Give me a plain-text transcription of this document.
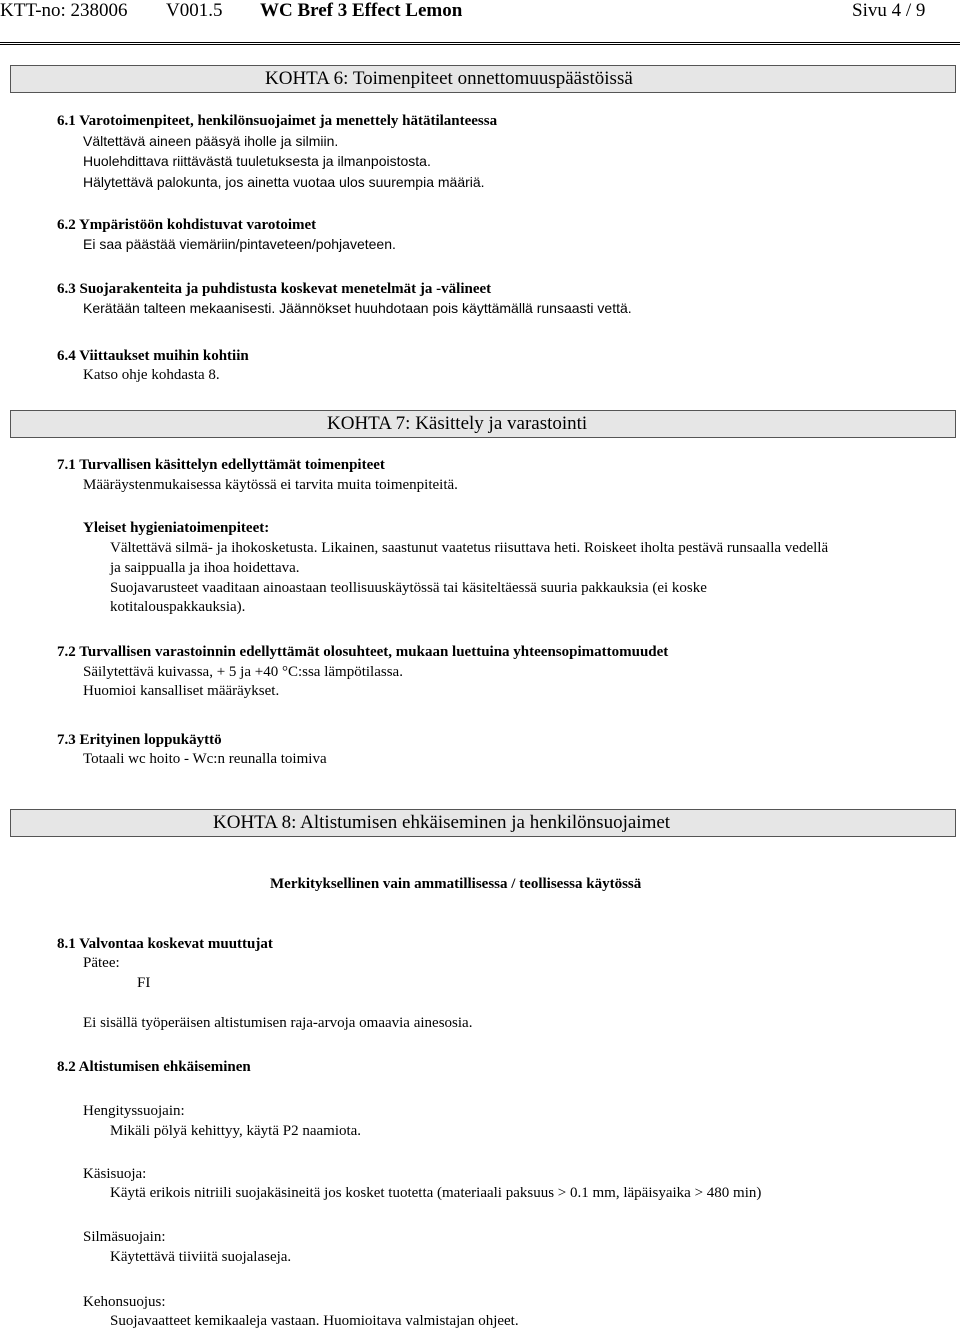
KTT-no: 238006 V001.5 WC Bref 3 Effect Lemon	Sivu 4 / 9
KOHTA 6: Toimenpiteet onnettomuuspäästöissä
6.1 Varotoimenpiteet, henkilönsuojaimet ja menettely hätätilanteessa
Vältettävä aineen pääsyä iholle ja silmiin.
Huolehdittava riittävästä tuuletuksesta ja ilmanpoistosta.
Hälytettävä palokunta, jos ainetta vuotaa ulos suurempia määriä.
6.2 Ympäristöön kohdistuvat varotoimet
Ei saa päästää viemäriin/pintaveteen/pohjaveteen.
6.3 Suojarakenteita ja puhdistusta koskevat menetelmät ja -välineet
Kerätään talteen mekaanisesti. Jäännökset huuhdotaan pois käyttämällä runsaasti vettä.
6.4 Viittaukset muihin kohtiin
Katso ohje kohdasta 8.
KOHTA 7: Käsittely ja varastointi
7.1 Turvallisen käsittelyn edellyttämät toimenpiteet
Määräystenmukaisessa käytössä ei tarvita muita toimenpiteitä.
Yleiset hygieniatoimenpiteet:
Vältettävä silmä- ja ihokosketusta. Likainen, saastunut vaatetus riisuttava heti. Roiskeet iholta pestävä runsaalla vedellä
ja saippualla ja ihoa hoidettava.
Suojavarusteet vaaditaan ainoastaan teollisuuskäytössä tai käsiteltäessä suuria pakkauksia (ei koske
kotitalouspakkauksia).
7.2 Turvallisen varastoinnin edellyttämät olosuhteet, mukaan luettuina yhteensopimattomuudet
Säilytettävä kuivassa, + 5 ja +40 °C:ssa lämpötilassa.
Huomioi kansalliset määräykset.
7.3 Erityinen loppukäyttö
Totaali wc hoito - Wc:n reunalla toimiva
KOHTA 8: Altistumisen ehkäiseminen ja henkilönsuojaimet
Merkityksellinen vain ammatillisessa / teollisessa käytössä
8.1 Valvontaa koskevat muuttujat
Pätee:
FI
Ei sisällä työperäisen altistumisen raja-arvoja omaavia ainesosia.
8.2 Altistumisen ehkäiseminen
Hengityssuojain:
Mikäli pölyä kehittyy, käytä P2 naamiota.
Käsisuoja:
Käytä erikois nitriili suojakäsineitä jos kosket tuotetta (materiaali paksuus > 0.1 mm, läpäisyaika > 480 min)
Silmäsuojain:
Käytettävä tiiviitä suojalaseja.
Kehonsuojus:
Suojavaatteet kemikaaleja vastaan. Huomioitava valmistajan ohjeet.
